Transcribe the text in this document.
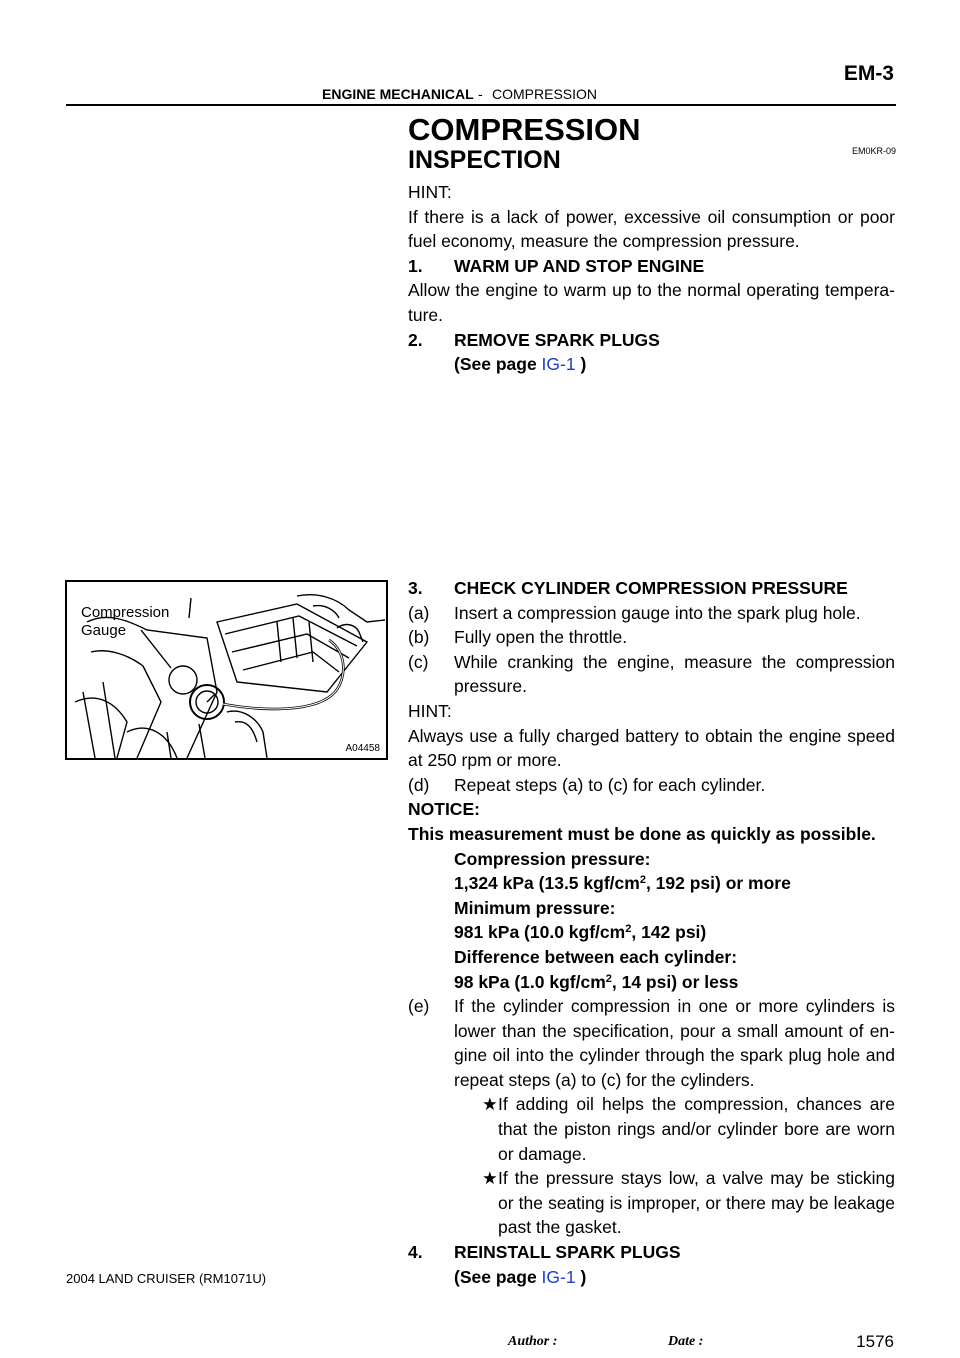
EM-3
ENGINE MECHANICAL - COMPRESSION
COMPRESSION
EM0KR-09
INSPECTION
Compression
Gauge
A04458

HINT:

If there is a lack of power, excessive oil consumption or poor fuel economy, measure the compression pressure.

1.	WARM UP AND STOP ENGINE

Allow the engine to warm up to the normal operating tempera- ture.

2.	REMOVE SPARK PLUGS

(See page IG-1 )

3.	CHECK CYLINDER COMPRESSION PRESSURE
(a)	Insert a compression gauge into the spark plug hole.
(b)	Fully open the throttle.
(c)	While cranking the engine, measure the compression pressure.

HINT:

Always use a fully charged battery to obtain the engine speed at 250 rpm or more.

(d)	Repeat steps (a) to (c) for each cylinder.

NOTICE:

This measurement must be done as quickly as possible.

Compression pressure:

1,324 kPa (13.5 kgf/$cm^2$, 192 psi) or more

Minimum pressure:

981 kPa (10.0 kgf/$cm^2$, 142 psi)

Difference between each cylinder:

98 kPa (1.0 kgf/$cm^2$, 14 psi) or less

(e)	If the cylinder compression in one or more cylinders is lower than the specification, pour a small amount of en- gine oil into the cylinder through the spark plug hole and repeat steps (a) to (c) for the cylinders.
★ If adding oil helps the compression, chances are that the piston rings and/or cylinder bore are worn or damage.
★ If the pressure stays low, a valve may be sticking or the seating is improper, or there may be leakage past the gasket.
4.	REINSTALL SPARK PLUGS

(See page IG-1 )

2004 LAND CRUISER (RM1071U)
Author :	Date :	1576
